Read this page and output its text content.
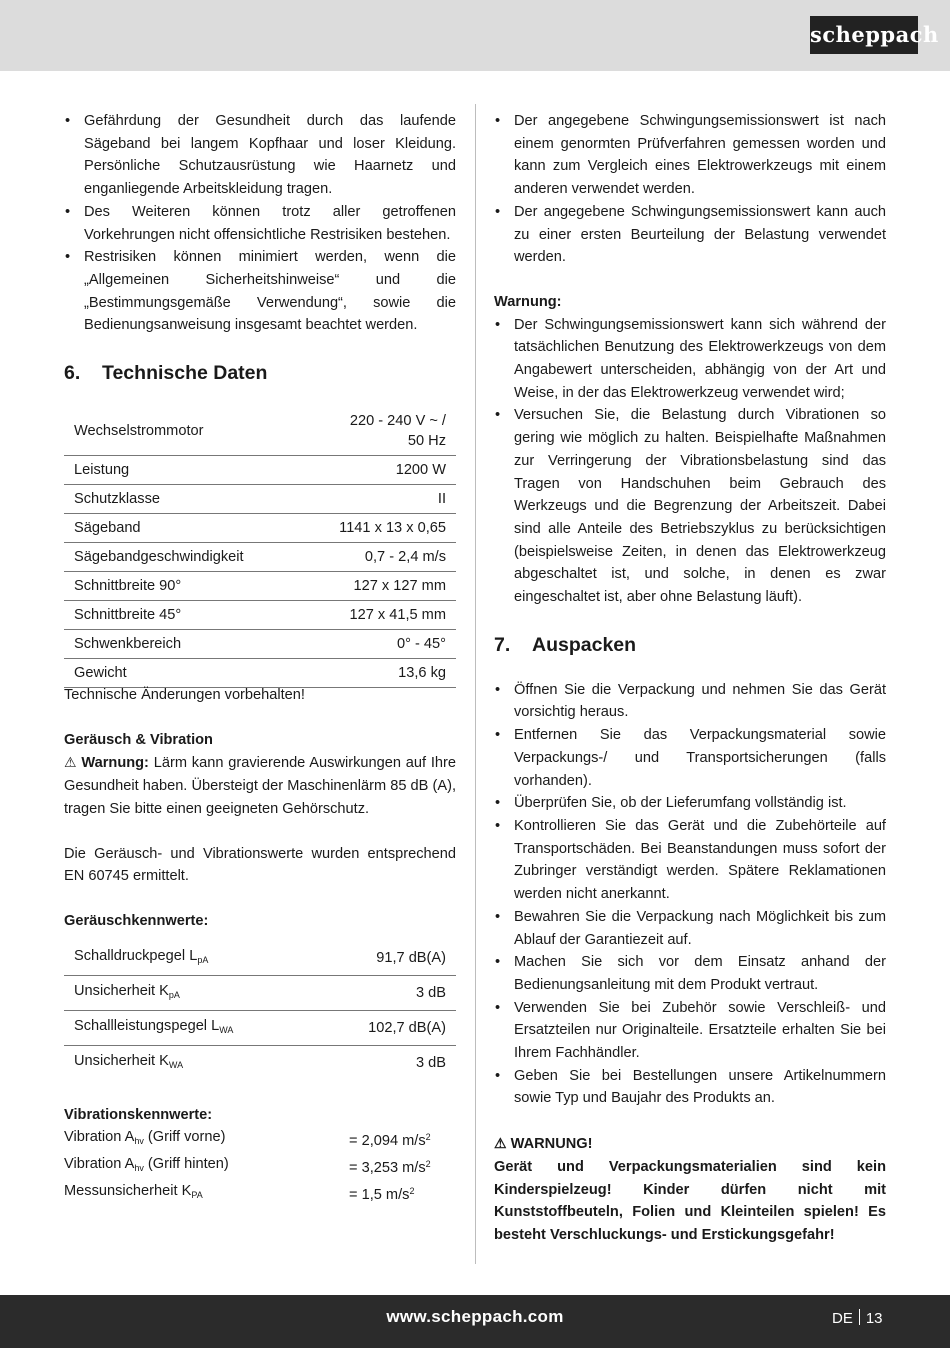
scheppach
• Gefährdung der Gesundheit durch das laufende Sägeband bei langem Kopfhaar und loser Kleidung. Persönliche Schutzausrüstung wie Haarnetz und enganliegende Arbeitskleidung tragen.
• Des Weiteren können trotz aller getroffenen Vorkehrungen nicht offensichtliche Restrisiken bestehen.
• Restrisiken können minimiert werden, wenn die „Allgemeinen Sicherheitshinweise“ und die „Bestimmungsgemäße Verwendung“, sowie die Bedienungsanweisung insgesamt beachtet werden.
6. Technische Daten
Wechselstrommotor	220 - 240 V ~ / 50 Hz
Leistung	1200 W
Schutzklasse	II
Sägeband	1141 x 13 x 0,65
Sägebandgeschwindigkeit	0,7 - 2,4 m/s
Schnittbreite 90°	127 x 127 mm
Schnittbreite 45°	127 x 41,5 mm
Schwenkbereich	0° - 45°
Gewicht	13,6 kg
Technische Änderungen vorbehalten!
Geräusch & Vibration

⚠ Warnung: Lärm kann gravierende Auswirkungen auf Ihre Gesundheit haben. Übersteigt der Maschinenlärm 85 dB (A), tragen Sie bitte einen geeigneten Gehörschutz.

Die Geräusch- und Vibrationswerte wurden entsprechend EN 60745 ermittelt.

Geräuschkennwerte:
Schalldruckpegel $L_{pA}$	91,7 dB(A)
Unsicherheit $K_{pA}$	3 dB
Schallleistungspegel $L_{WA}$	102,7 dB(A)
Unsicherheit $K_{WA}$	3 dB
Vibrationskennwerte:
Vibration $A_{hv}$ (Griff vorne)	= 2,094 $m/s^2$
Vibration $A_{hv}$ (Griff hinten)	= 3,253 $m/s^2$
Messunsicherheit $K_{PA}$	= 1,5 $m/s^2$
• Der angegebene Schwingungsemissionswert ist nach einem genormten Prüfverfahren gemessen worden und kann zum Vergleich eines Elektrowerkzeugs mit einem anderen verwendet werden.
• Der angegebene Schwingungsemissionswert kann auch zu einer ersten Beurteilung der Belastung verwendet werden.
Warnung:
• Der Schwingungsemissionswert kann sich während der tatsächlichen Benutzung des Elektrowerkzeugs von dem Angabewert unterscheiden, abhängig von der Art und Weise, in der das Elektrowerkzeug verwendet wird;
• Versuchen Sie, die Belastung durch Vibrationen so gering wie möglich zu halten. Beispielhafte Maßnahmen zur Verringerung der Vibrationsbelastung sind das Tragen von Handschuhen beim Gebrauch des Werkzeugs und die Begrenzung der Arbeitszeit. Dabei sind alle Anteile des Betriebszyklus zu berücksichtigen (beispielsweise Zeiten, in denen das Elektrowerkzeug abgeschaltet ist, und solche, in denen es zwar eingeschaltet ist, aber ohne Belastung läuft).
7. Auspacken
• Öffnen Sie die Verpackung und nehmen Sie das Gerät vorsichtig heraus.
• Entfernen Sie das Verpackungsmaterial sowie Verpackungs-/ und Transportsicherungen (falls vorhanden).
• Überprüfen Sie, ob der Lieferumfang vollständig ist.
• Kontrollieren Sie das Gerät und die Zubehörteile auf Transportschäden. Bei Beanstandungen muss sofort der Zubringer verständigt werden. Spätere Reklamationen werden nicht anerkannt.
• Bewahren Sie die Verpackung nach Möglichkeit bis zum Ablauf der Garantiezeit auf.
• Machen Sie sich vor dem Einsatz anhand der Bedienungsanleitung mit dem Produkt vertraut.
• Verwenden Sie bei Zubehör sowie Verschleiß- und Ersatzteilen nur Originalteile. Ersatzteile erhalten Sie bei Ihrem Fachhändler.
• Geben Sie bei Bestellungen unsere Artikelnummern sowie Typ und Baujahr des Produkts an.
⚠ WARNUNG!

Gerät und Verpackungsmaterialien sind kein Kinderspielzeug! Kinder dürfen nicht mit Kunststoffbeuteln, Folien und Kleinteilen spielen! Es besteht Verschluckungs- und Erstickungsgefahr!

www.scheppach.com	DE 13
